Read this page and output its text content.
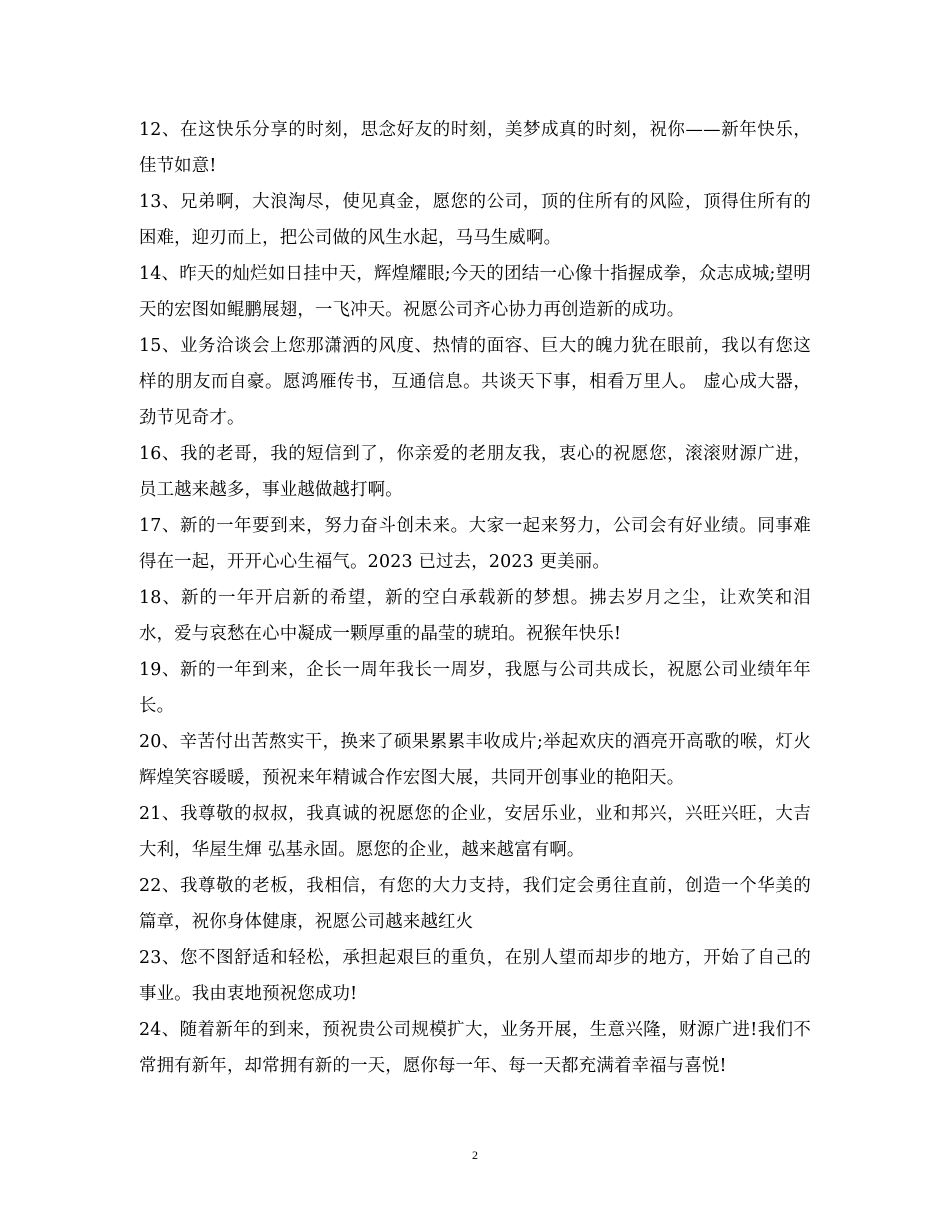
12、在这快乐分享的时刻，思念好友的时刻，美梦成真的时刻，祝你——新年快乐，佳节如意!

13、兄弟啊，大浪淘尽，使见真金，愿您的公司，顶的住所有的风险，顶得住所有的困难，迎刃而上，把公司做的风生水起，马马生威啊。

14、昨天的灿烂如日挂中天，辉煌耀眼;今天的团结一心像十指握成拳，众志成城;望明天的宏图如鲲鹏展翅，一飞冲天。祝愿公司齐心协力再创造新的成功。

15、业务洽谈会上您那潇洒的风度、热情的面容、巨大的魄力犹在眼前，我以有您这样的朋友而自豪。愿鸿雁传书，互通信息。共谈天下事，相看万里人。 虚心成大器，劲节见奇才。

16、我的老哥，我的短信到了，你亲爱的老朋友我，衷心的祝愿您，滚滚财源广进，员工越来越多，事业越做越打啊。

17、新的一年要到来，努力奋斗创未来。大家一起来努力，公司会有好业绩。同事难得在一起，开开心心生福气。2023 已过去，2023 更美丽。

18、新的一年开启新的希望，新的空白承载新的梦想。拂去岁月之尘，让欢笑和泪水，爱与哀愁在心中凝成一颗厚重的晶莹的琥珀。祝猴年快乐!

19、新的一年到来，企长一周年我长一周岁，我愿与公司共成长，祝愿公司业绩年年长。

20、辛苦付出苦熬实干，换来了硕果累累丰收成片;举起欢庆的酒亮开高歌的喉，灯火辉煌笑容暖暖，预祝来年精诚合作宏图大展，共同开创事业的艳阳天。

21、我尊敬的叔叔，我真诚的祝愿您的企业，安居乐业，业和邦兴，兴旺兴旺，大吉大利，华屋生煇 弘基永固。愿您的企业，越来越富有啊。

22、我尊敬的老板，我相信，有您的大力支持，我们定会勇往直前，创造一个华美的篇章，祝你身体健康，祝愿公司越来越红火

23、您不图舒适和轻松，承担起艰巨的重负，在别人望而却步的地方，开始了自己的事业。我由衷地预祝您成功!

24、随着新年的到来，预祝贵公司规模扩大，业务开展，生意兴隆，财源广进!我们不常拥有新年，却常拥有新的一天，愿你每一年、每一天都充满着幸福与喜悦!

2
